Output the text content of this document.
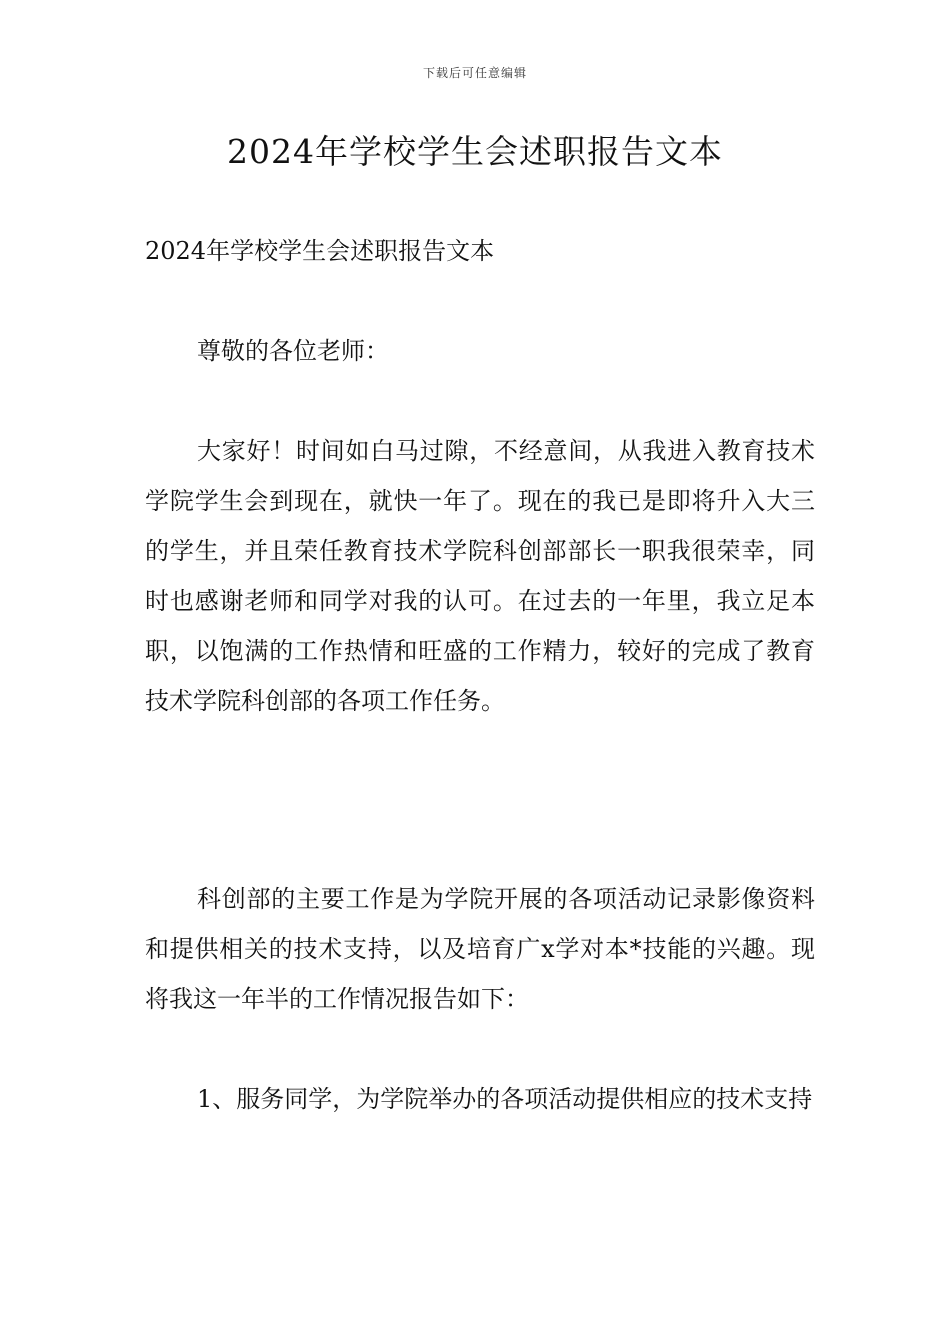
下载后可任意编辑
2024年学校学生会述职报告文本

2024年学校学生会述职报告文本

尊敬的各位老师：

大家好！时间如白马过隙，不经意间，从我进入教育技术学院学生会到现在，就快一年了。现在的我已是即将升入大三的学生，并且荣任教育技术学院科创部部长一职我很荣幸，同时也感谢老师和同学对我的认可。在过去的一年里，我立足本职，以饱满的工作热情和旺盛的工作精力，较好的完成了教育技术学院科创部的各项工作任务。

科创部的主要工作是为学院开展的各项活动记录影像资料和提供相关的技术支持，以及培育广x学对本*技能的兴趣。现将我这一年半的工作情况报告如下：

1、服务同学，为学院举办的各项活动提供相应的技术支持
